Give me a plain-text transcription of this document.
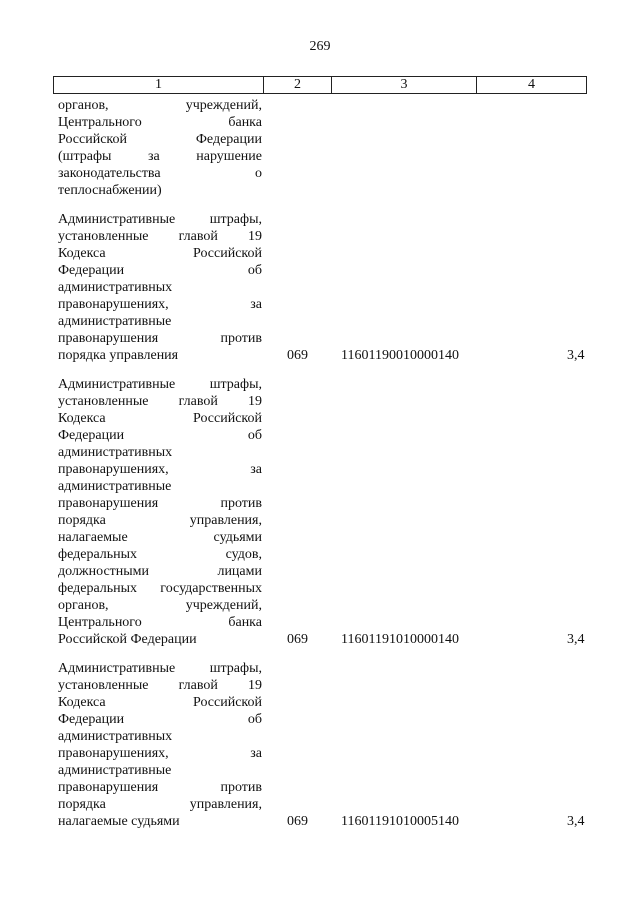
269
1	2	3	4
органов, учреждений,
Центрального банка
Российской Федерации
(штрафы за нарушение
законодательства о
теплоснабжении)
Административные штрафы,
установленные главой 19
Кодекса Российской
Федерации об
административных
правонарушениях, за
административные
правонарушения против
порядка управления	069 11601190010000140	3,4
Административные штрафы,
установленные главой 19
Кодекса Российской
Федерации об
административных
правонарушениях, за
административные
правонарушения против
порядка управления,
налагаемые судьями
федеральных судов,
должностными лицами
федеральных государственных
органов, учреждений,
Центрального банка
Российской Федерации	069 11601191010000140	3,4
Административные штрафы,
установленные главой 19
Кодекса Российской
Федерации об
административных
правонарушениях, за
административные
правонарушения против
порядка управления,
налагаемые судьями	069 11601191010005140	3,4
